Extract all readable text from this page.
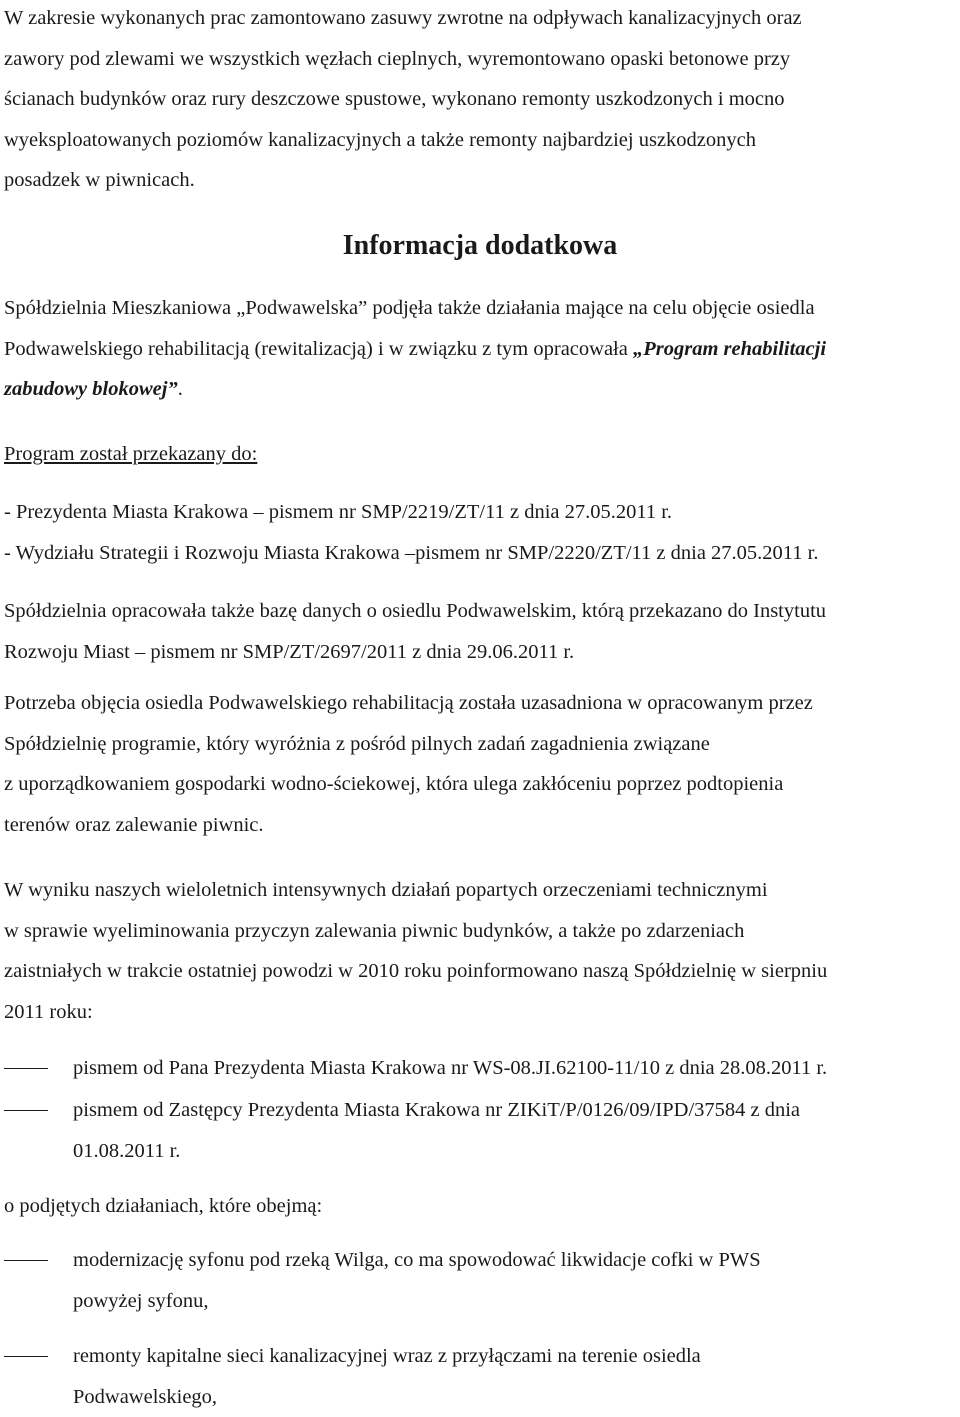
W zakresie wykonanych prac zamontowano zasuwy zwrotne na odpływach kanalizacyjnych oraz
zawory pod zlewami we wszystkich węzłach cieplnych, wyremontowano opaski betonowe przy
ścianach budynków oraz rury deszczowe spustowe, wykonano remonty uszkodzonych i mocno
wyeksploatowanych poziomów kanalizacyjnych a także remonty najbardziej uszkodzonych
posadzek w piwnicach.
Informacja dodatkowa
Spółdzielnia Mieszkaniowa „Podwawelska” podjęła także działania mające na celu objęcie osiedla
Podwawelskiego rehabilitacją (rewitalizacją) i w związku z tym opracowała „Program rehabilitacji
zabudowy blokowej”.
Program został przekazany do:
- Prezydenta Miasta Krakowa – pismem nr SMP/2219/ZT/11 z dnia 27.05.2011 r.
- Wydziału Strategii i Rozwoju Miasta Krakowa –pismem nr SMP/2220/ZT/11 z dnia 27.05.2011 r.
Spółdzielnia opracowała także bazę danych o osiedlu Podwawelskim, którą przekazano do Instytutu
Rozwoju Miast – pismem nr SMP/ZT/2697/2011 z dnia 29.06.2011 r.
Potrzeba objęcia osiedla Podwawelskiego rehabilitacją została uzasadniona w opracowanym przez
Spółdzielnię programie, który wyróżnia z pośród pilnych zadań zagadnienia związane
z uporządkowaniem gospodarki wodno-ściekowej, która ulega zakłóceniu poprzez podtopienia
terenów oraz zalewanie piwnic.
W wyniku naszych wieloletnich intensywnych działań popartych orzeczeniami technicznymi
w sprawie wyeliminowania przyczyn zalewania piwnic budynków, a także po zdarzeniach
zaistniałych w trakcie ostatniej powodzi w 2010 roku poinformowano naszą Spółdzielnię w sierpniu
2011 roku:
pismem od Pana Prezydenta Miasta Krakowa nr WS-08.JI.62100-11/10 z dnia 28.08.2011 r.
pismem od Zastępcy Prezydenta Miasta Krakowa nr ZIKiT/P/0126/09/IPD/37584 z dnia
01.08.2011 r.
o podjętych działaniach, które obejmą:
modernizację syfonu pod rzeką Wilga, co ma spowodować likwidacje cofki w PWS
powyżej syfonu,
remonty kapitalne sieci kanalizacyjnej wraz z przyłączami na terenie osiedla
Podwawelskiego,
